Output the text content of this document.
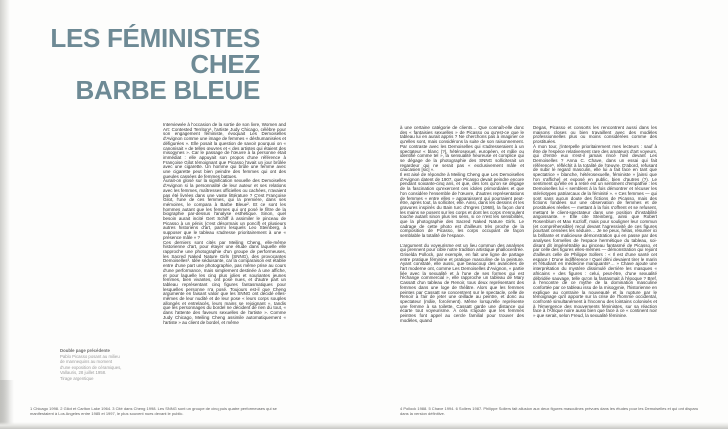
LES FÉMINISTES
CHEZ
BARBE BLEUE

Interviewée à l'occasion de la sortie de son livre, Women and Art: Contested Territory¹, l'artiste Judy Chicago, célèbre pour son engagement féministe, évoquait Les Demoiselles d'Avignon comme une image de femmes « déshumanisées et défigurées ». Elle posait la question de savoir pourquoi on « canonisait » de telles œuvres et « des artistes qui étaient des misogynes ». Car le passage de l'œuvre à la personne était immédiat : elle appuyait son propos d'une référence à Françoise Gilot témoignant que Picasso l'avait un jour brûlée avec une cigarette. Un homme qui brûle une femme avec une cigarette peut bien peindre des femmes qui ont des gueules cassées de femmes battues.

Aurait-on glosé sur la signification sexuelle des Demoiselles d'Avignon si la personnalité de leur auteur et ses relations avec les femmes, maîtresses officielles ou cachées, n'avaient pas été livrées dans une vaste littérature ? C'est Françoise Gilot, l'une de ces femmes, qui la première, dans ses mémoires, le compara à Barbe Bleue². Et ce sont les hommes autant que les femmes qui ont posé le filtre de la biographie par-dessus l'analyse esthétique. Sinon, quel besoin aurait incité Gert Schiff à assimiler le pinceau de Picasso à un pénis (c'est désormais un poncif) et plusieurs autres historiens d'art, parmi lesquels Leo Steinberg, à supposer que le tableau s'adresse prioritairement à une « présence mâle » ?

Ces derniers sont cités par Meiling Cheng, elle-même historienne d'art, pour étayer une étude dans laquelle elle rapproche une photographie d'un groupe de performeuses, les Sacred Naked Nature Girls (SNNG), des provocantes Demoiselles³. Idée séduisante, car la comparaison est établie entre d'une part une photographie, pas même prise au cours d'une performance, mais simplement destinée à une affiche, et pour laquelle les cinq plus jolies et souriantes jeunes femmes, bien vivantes, ont posé nues, et d'autre part un tableau représentant cinq figures fantasmatiques pour lesquelles personne n'a posé. Toujours est-il que Cheng argumente en faisant valoir que les SNNG ont décidé elles-mêmes de leur nudité et de leur pose « leurs corps souples allongés et entrelacés, leurs mains se rejoignant », tandis que les personnages du bordel ne décident de rien du tout, « dans l'attente des faveurs sexuelles de l'artiste ». Comme Judy Chicago, Meiling Cheng assimile automatiquement « l'artiste » au client de bordel, et même

Double page précédente
Pablo Picasso posant au milieu
de mannequins au moment
d'une exposition de céramiques,
Vallauris, 28 juillet 1958.
Tirage argentique
1 Chicago 1998. 2 Gilot et Carlton Lake 1964. 3 Cité dans Cheng 1998. Les SNNG sont un groupe de cinq puis quatre performeuses qui se manifestaient à Los Angeles entre 1985 et 1997, le plus souvent nues devant le public.

à une certaine catégorie de clients… Que connaît-elle donc des « fantaisies sexuelles » de Picasso ou qu'est-ce que le tableau lui en aurait appris ? Ne cherchons pas à imaginer ce qu'elles sont, mais considérons la suite de son raisonnement. Par contraste avec les Demoiselles qui s'adresseraient à un spectateur « blanc (?), hétérosexuel, européen, et mâle ou identifié comme tel », la sensualité heureuse et complice qui se dégage de la photographie des SNNG solliciterait un regardeur qui ne serait pas « exclusivement mâle et caucasien [sic] ».

Il est aisé de répondre à Meiling Cheng que Les Demoiselles d'Avignon datent de 1907, que Picasso devait peindre encore pendant soixante-cinq ans, et que, dès lors qu'on se dégage de la fascination qu'exercent ces idoles primordiales et que l'on considère l'ensemble de l'œuvre, d'autres représentations de femmes « entre elles » apparaissent qui pourraient peut-être, après tout, la solliciter, elle. Ainsi, dans les dessins et les gravures inspirés du Bain turc d'Ingres (1968), la façon dont les mains se posent sur les corps et dont les corps s'enroulent touche autant sinon plus les sens, si ce n'est les sensibilités, que la photographie des Sacred Naked Nature Girls. Le cadrage de cette photo est d'ailleurs très proche de la composition de Picasso, les corps occupant de façon semblable la totalité de l'espace.

L'argument du voyeurisme est un lieu commun des analyses qui prennent pour cible notre tradition artistique phallocentrée. Griselda Pollock, par exemple, en fait une ligne de partage entre pratique féminine et pratique masculine de la peinture. Ayant constaté, elle aussi, que beaucoup des avancées de l'art moderne ont, comme Les Demoiselles d'Avignon, « partie liée avec la sexualité et à l'une de ses formes qui est l'échange commercial », elle rapproche un tableau de Mary Cassatt d'un tableau de Renoir, tous deux représentant des femmes dans une loge de théâtre. Alors que les femmes peintes par Cassatt se concentrent sur le spectacle, celle de Renoir a l'air de jeter une œillade au peintre, et donc au spectateur (mâle, forcément). Même lorsqu'elle représente une femme à sa toilette, Cassatt garde une distance qui écarte tout voyeurisme. À cela s'ajoute que les femmes peintres font appel au cercle familial pour trouver des modèles, quand

Degas, Picasso et consorts les rencontrent aussi dans les maisons closes ou bien travaillent avec des modèles professionnelles plus ou moins considérées comme des prostituées.

À mon tour, j'interpelle prioritairement mes lecteurs : sauf à être de l'espèce relativement rare des amateurs d'art voyeurs, qui d'entre eux s'est-il jamais rincé l'œil devant Les Demoiselles ? Anna C. Chave, dans un essai qui fait référence⁵, réfléchit à la totalité de l'œuvre. D'abord, refusant de subir le regard masculin, elle lui a fait face en tant que spectatrice « blanche, hétérosexuelle, féministe » [ainsi que l'on s'affiche] et exposé en public, bien d'autres (?). Le sentiment qu'elle en a retiré est un sentiment d'empathie : les Demoiselles lui « semblent à la fois démontrer et récuser les stéréotypes patriarcaux de la féminité ». « Ces femmes — qui sont sans aucun doute des fictions de Picasso, mais des fictions fondées sur une observation de femmes et de prostituées réelles — mettant à la fois s'offrent et se refusent, mettant le client-spectateur dans une position d'instabilité angoissante. » Elle cite Steinberg, ainsi que Robert Rosenblum et Max Kozloff, mais pour souligner leur commun (et compréhensible) recul devant l'agressivité de ces figures pourtant censées les séduire… Je ne peux, hélas, résumer ici la brillante et malicieuse démonstration qui en passe par des analyses formelles de l'espace hermétique du tableau, soi-disant dit impénétrable au pinceau fantasmé de Picasso, et par celle des figures elles-mêmes — démonstration qui rejoint d'ailleurs celle de Philippe Sollers : « Il est d'une santé cet espace ! D'une indifférence ! Quel déni devaient tirer le marin et l'étudiant en médecine manquants⁶… » Chave ajoute une interprétation du mystère dissimulé derrière les masques « africains » des figures : celui, peut-être, d'une sexualité débridée sauvage, telle qu'on la fantasmait à l'époque ? Bref, à l'encontre de ce mythe de la domination masculine confortée par ce tableau issu de la misogynie, l'historienne en explique au contraire la nouveauté et la rupture par le témoignage qu'il apporte sur la crise de l'homme occidental, confronté simultanément à l'inconnu des lointains colonisés et à l'émergence des mouvements féministes, sur sa réaction face à l'Afrique noire aussi bien que face à ce « continent noir » que serait, selon Freud, la sexualité féminine.

4 Pollock 1988. 5 Chave 1994. 6 Sollers 1987. Philippe Sollers fait allusion aux deux figures masculines prévues dans les études pour les Demoiselles et qui ont disparu dans la version définitive.
